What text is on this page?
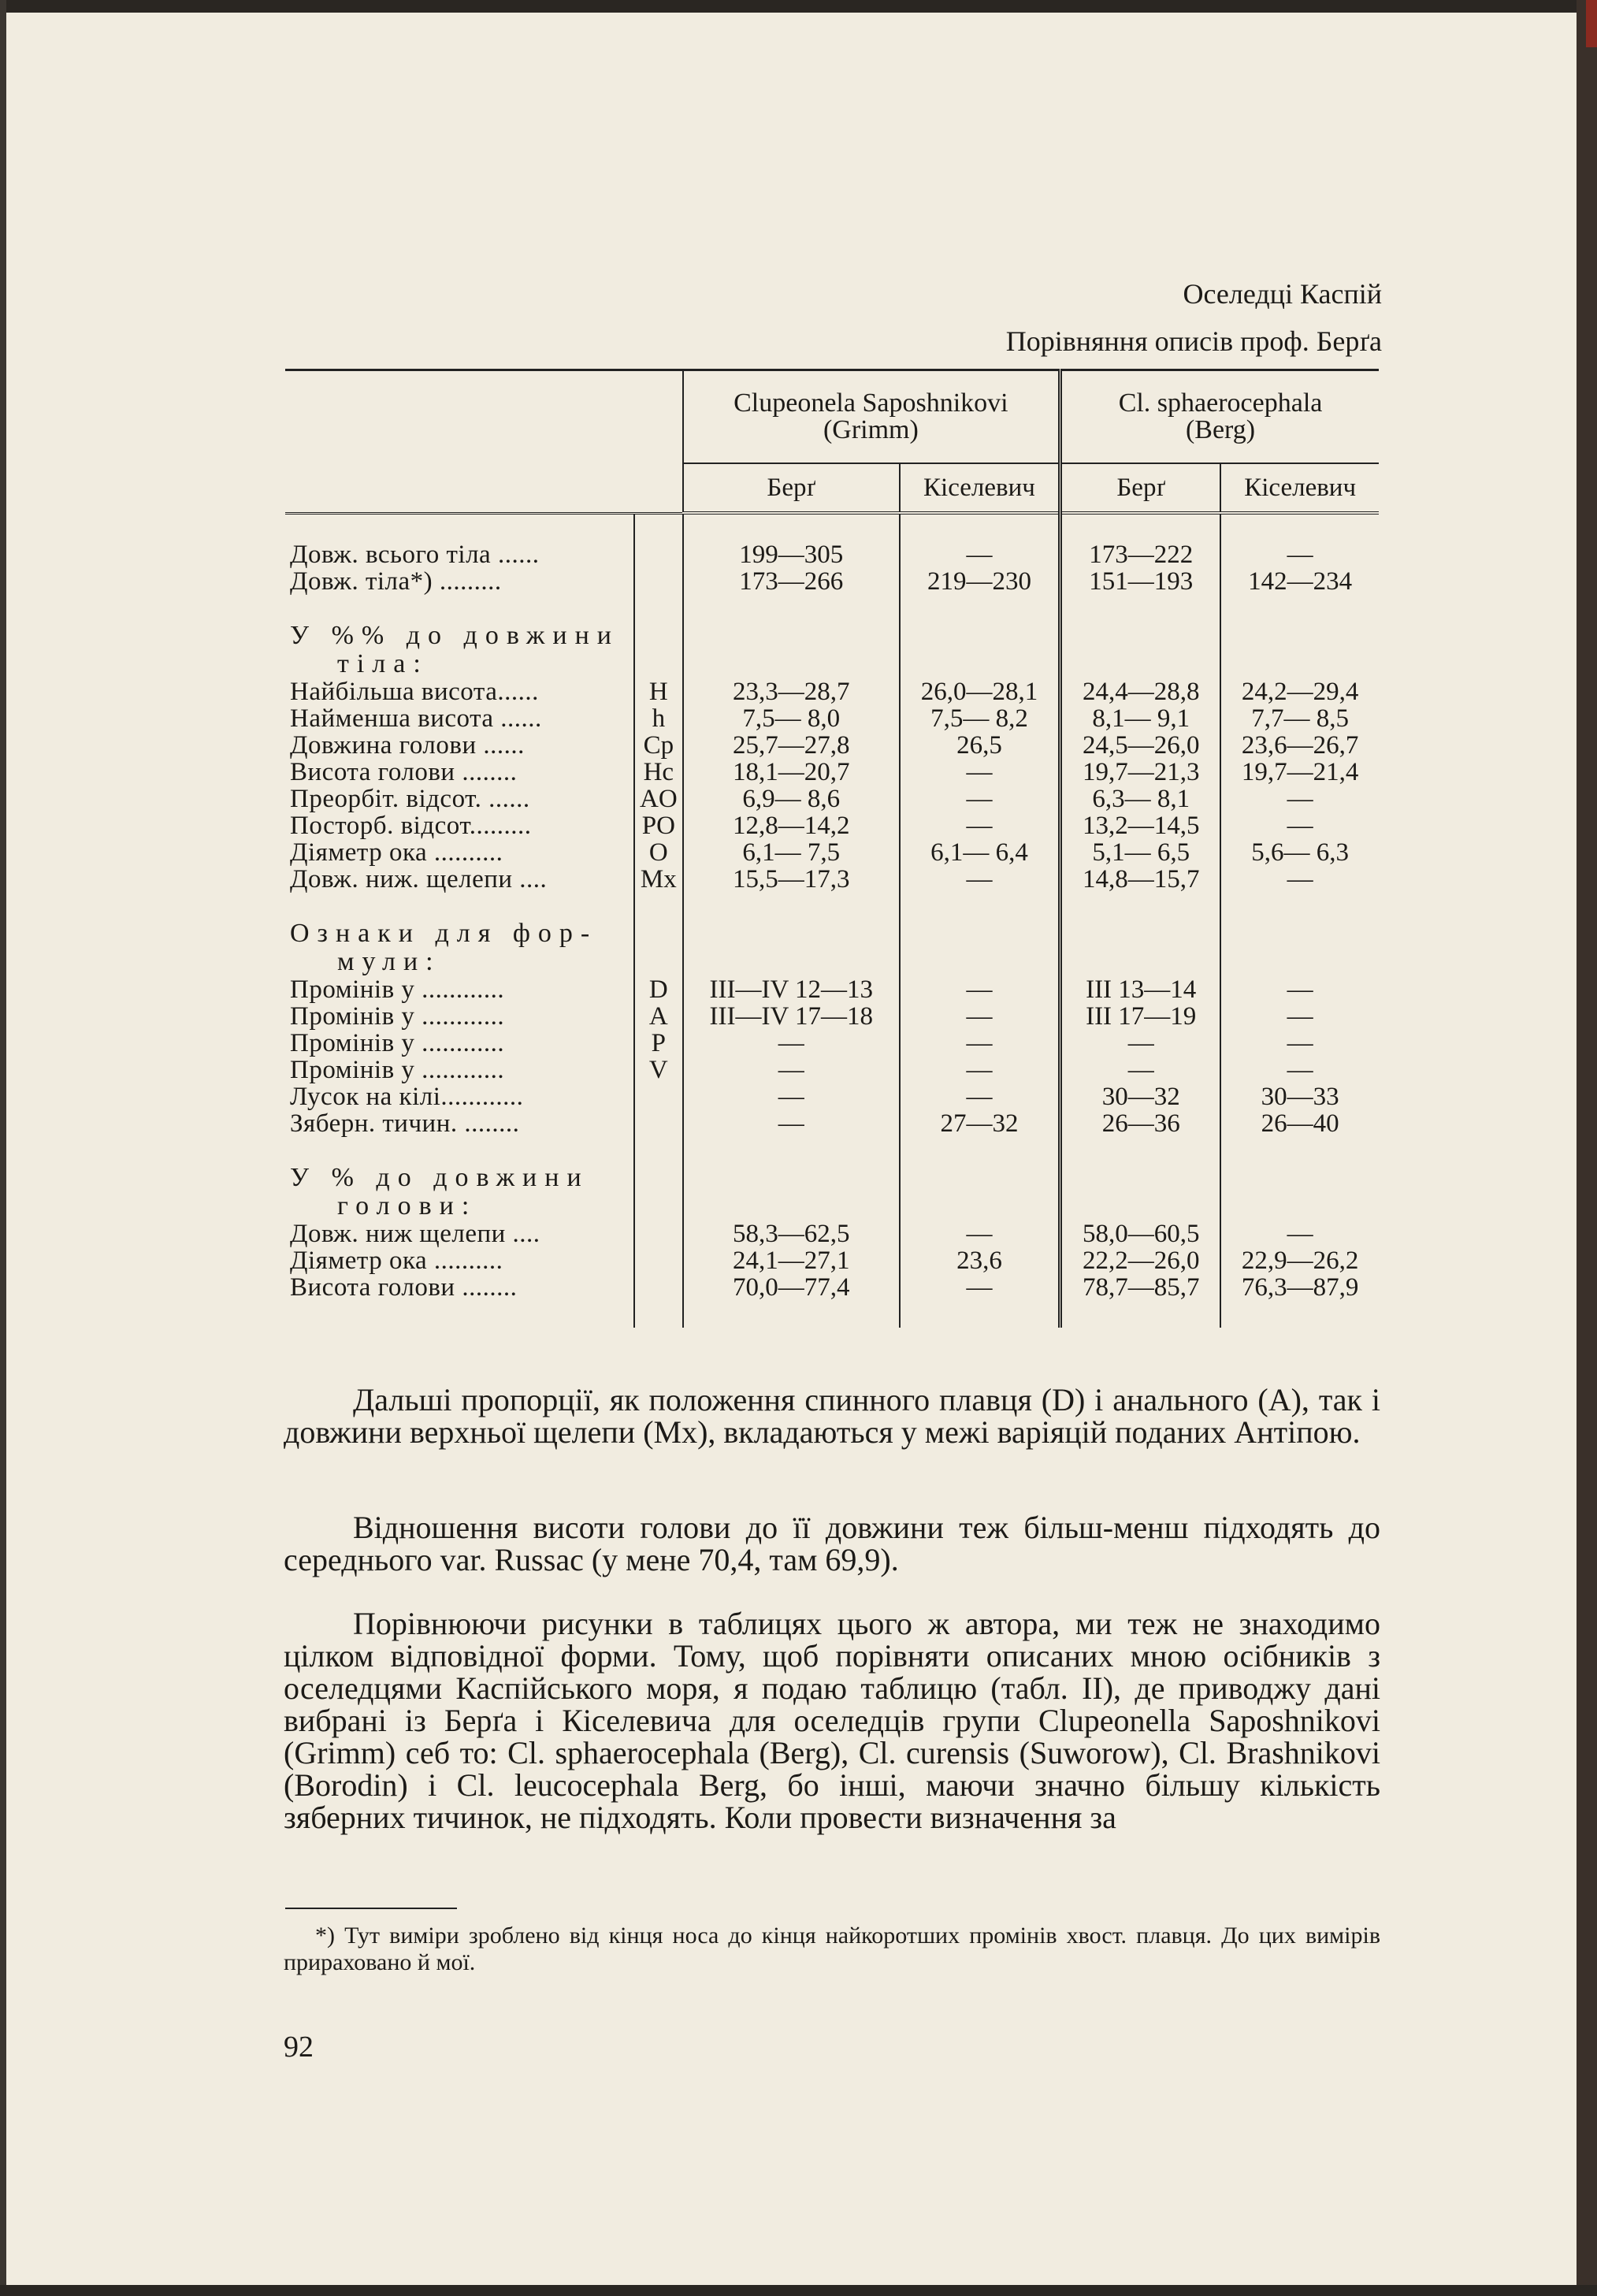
Оселедці Каспій
Порівняння описів проф. Берґа
		Clupeonela Saposhnikovi
(Grimm)		Cl. sphaerocephala
(Berg)	
		Берґ	Кіселевич	Берґ	Кіселевич

Довж. всього тіла ......		199—305	—	173—222	—
Довж. тіла*) .........		173—266	219—230	151—193	142—234

У %% до довжини
тіла:					

Найбільша висота......	H	23,3—28,7	26,0—28,1	24,4—28,8	24,2—29,4
Найменша висота ......	h	7,5— 8,0	7,5— 8,2	8,1— 9,1	7,7— 8,5
Довжина голови ......	Cp	25,7—27,8	26,5	24,5—26,0	23,6—26,7
Висота голови ........	Hc	18,1—20,7	—	19,7—21,3	19,7—21,4
Преорбіт. відсот. ......	AO	6,9— 8,6	—	6,3— 8,1	—
Посторб. відсот.........	PO	12,8—14,2	—	13,2—14,5	—
Діяметр ока ..........	O	6,1— 7,5	6,1— 6,4	5,1— 6,5	5,6— 6,3
Довж. ниж. щелепи ....	Mx	15,5—17,3	—	14,8—15,7	—

Ознаки для фор-
мули:					

Промінів у ............	D	III—IV 12—13	—	III 13—14	—
Промінів у ............	A	III—IV 17—18	—	III 17—19	—
Промінів у ............	P	—	—	—	—
Промінів у ............	V	—	—	—	—
Лусок на кілі............		—	—	30—32	30—33
Зяберн. тичин. ........		—	27—32	26—36	26—40

У % до довжини
голови:					

Довж. ниж щелепи ....		58,3—62,5	—	58,0—60,5	—
Діяметр ока ..........		24,1—27,1	23,6	22,2—26,0	22,9—26,2
Висота голови ........		70,0—77,4	—	78,7—85,7	76,3—87,9

Дальші пропорції, як положення спинного плавця (D) і анального (A), так і довжини верхньої щелепи (Mx), вкладаються у межі варіяцій поданих Антіпою.

Відношення висоти голови до її довжини теж більш-менш підходять до середнього var. Russac (у мене 70,4, там 69,9).

Порівнюючи рисунки в таблицях цього ж автора, ми теж не знаходимо цілком відповідної форми. Тому, щоб порівняти описаних мною осібників з оселедцями Каспійського моря, я подаю таблицю (табл. II), де приводжу дані вибрані із Берґа і Кіселевича для оселедців групи Clupeonella Saposhnikovi (Grimm) себ то: Cl. sphaerocephala (Berg), Cl. curensis (Suworow), Cl. Brashnikovi (Borodin) і Cl. leucocephala Berg, бо інші, маючи значно більшу кількість зяберних тичинок, не підходять. Коли провести визначення за

*) Тут виміри зроблено від кінця носа до кінця найкоротших промінів хвост. плавця. До цих вимірів прираховано й мої.

92
